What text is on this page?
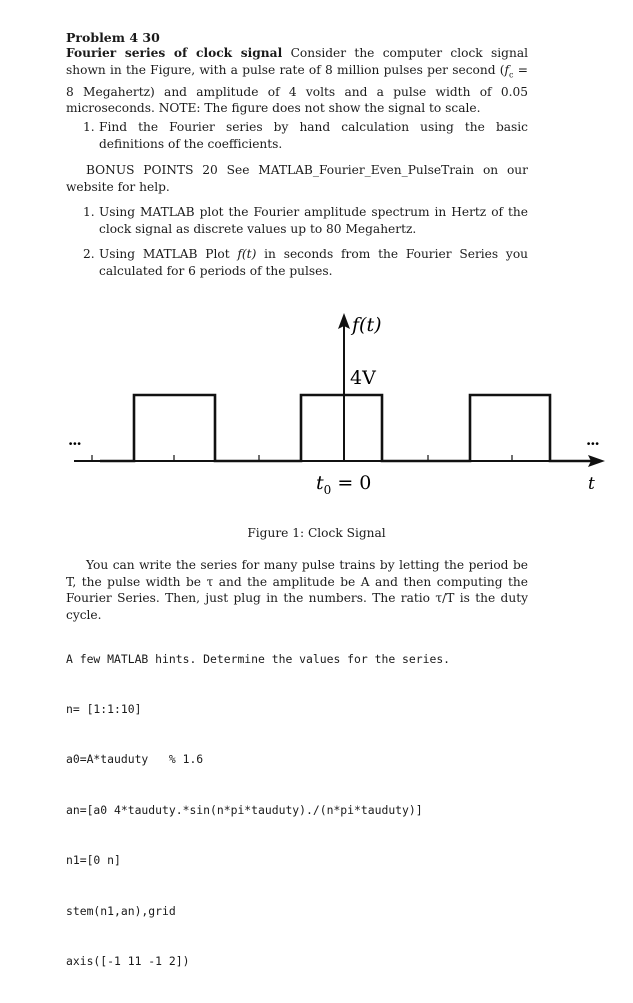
Problem 4 30
Fourier series of clock signal Consider the computer clock signal shown in the Figure, with a pulse rate of 8 million pulses per second ($f_c = 8$ Megahertz) and amplitude of 4 volts and a pulse width of 0.05 microseconds. NOTE: The figure does not show the signal to scale.
1. Find the Fourier series by hand calculation using the basic definitions of the coefficients.
BONUS POINTS 20 See MATLAB_Fourier_Even_PulseTrain on our website for help.
1. Using MATLAB plot the Fourier amplitude spectrum in Hertz of the clock signal as discrete values up to 80 Megahertz.
2. Using MATLAB Plot f(t) in seconds from the Fourier Series you calculated for 6 periods of the pulses.
f(t)
4V
$t_0 = 0$	t
...	...
Figure 1: Clock Signal
You can write the series for many pulse trains by letting the period be T, the pulse width be τ and the amplitude be A and then computing the Fourier Series. Then, just plug in the numbers. The ratio τ/T is the duty cycle.

A few MATLAB hints. Determine the values for the series.

n= [1:1:10]

a0=A*tauduty   % 1.6

an=[a0 4*tauduty.*sin(n*pi*tauduty)./(n*pi*tauduty)]

n1=[0 n]

stem(n1,an),grid

axis([-1 11 -1 2])
